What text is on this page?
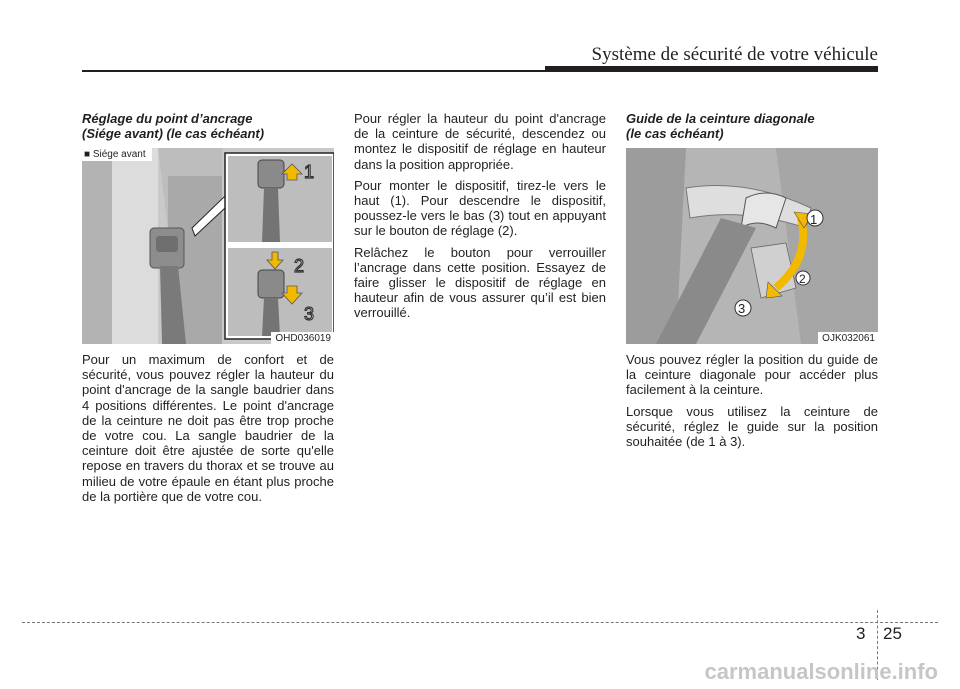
Système de sécurité de votre véhicule

Réglage du point d’ancrage
(Siége avant) (le cas échéant)

1
2
3
■ Siége avant
OHD036019

Pour un maximum de confort et de sécurité, vous pouvez régler la hauteur du point d'ancrage de la sangle baudrier dans 4 positions différentes. Le point d'ancrage de la ceinture ne doit pas être trop proche de votre cou. La sangle baudrier de la ceinture doit être ajustée de sorte qu'elle repose en travers du thorax et se trouve au milieu de votre épaule en étant plus proche de la portière que de votre cou.

Pour régler la hauteur du point d'ancrage de la ceinture de sécurité, descendez ou montez le dispositif de réglage en hauteur dans la position appropriée.

Pour monter le dispositif, tirez-le vers le haut (1). Pour descendre le dispositif, poussez-le vers le bas (3) tout en appuyant sur le bouton de réglage (2).

Relâchez le bouton pour verrouiller l’ancrage dans cette position. Essayez de faire glisser le dispositif de réglage en hauteur afin de vous assurer qu’il est bien verrouillé.

Guide de la ceinture diagonale
(le cas échéant)

1
2
3
OJK032061

Vous pouvez régler la position du guide de la ceinture diagonale pour accéder plus facilement à la ceinture.

Lorsque vous utilisez la ceinture de sécurité, réglez le guide sur la position souhaitée (de 1 à 3).

3 25
carmanualsonline.info
